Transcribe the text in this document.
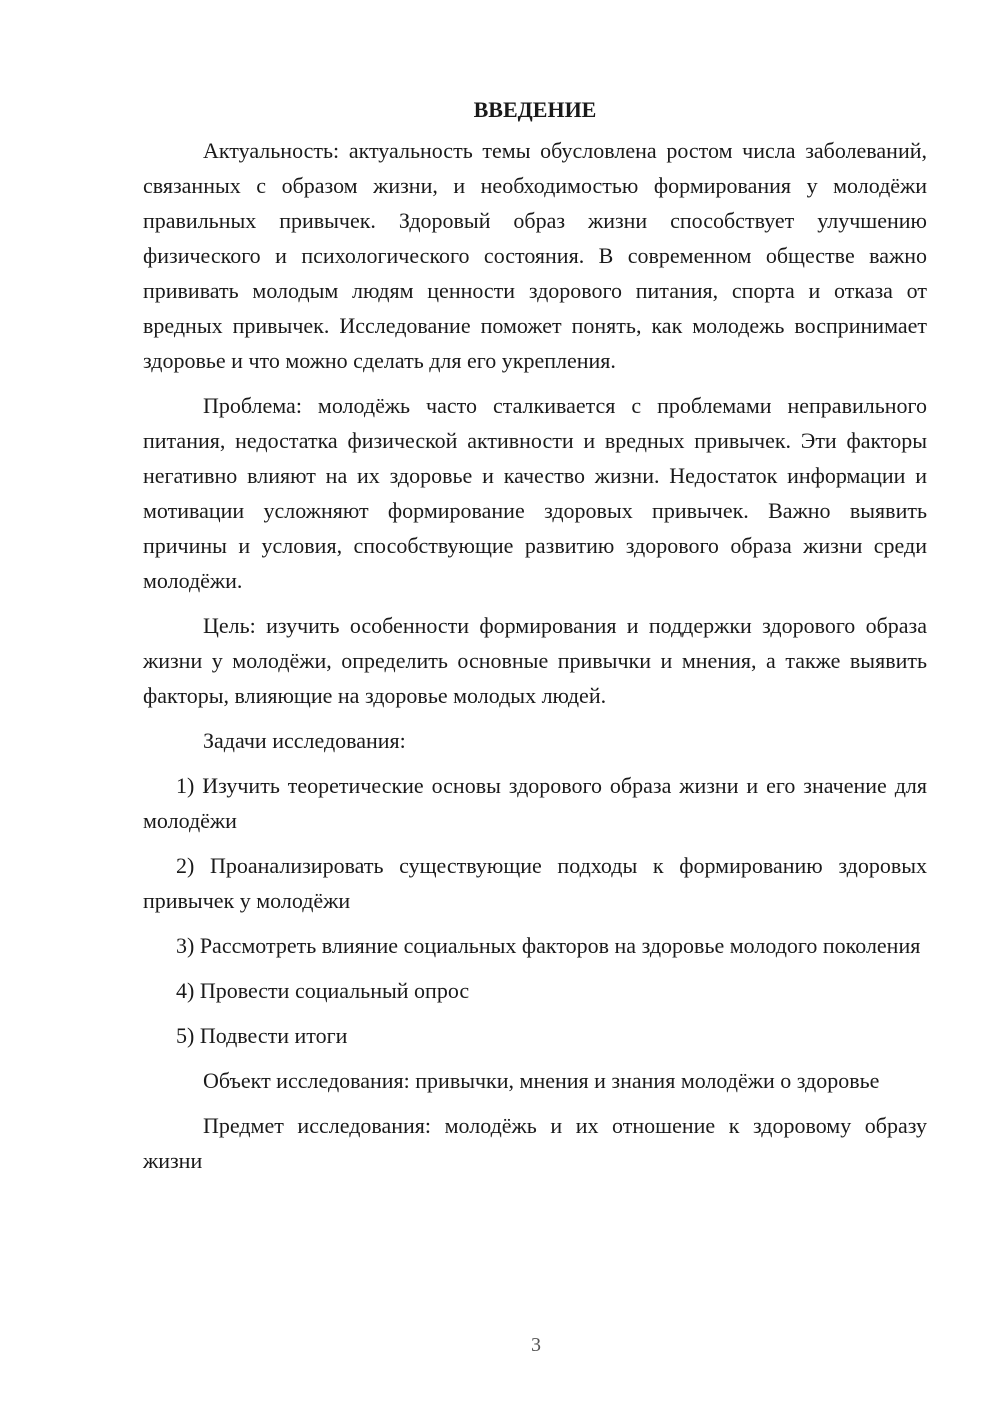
ВВЕДЕНИЕ

Актуальность: актуальность темы обусловлена ростом числа заболеваний, связанных с образом жизни, и необходимостью формирования у молодёжи правильных привычек. Здоровый образ жизни способствует улучшению физического и психологического состояния. В современном обществе важно прививать молодым людям ценности здорового питания, спорта и отказа от вредных привычек. Исследование поможет понять, как молодежь воспринимает здоровье и что можно сделать для его укрепления.

Проблема: молодёжь часто сталкивается с проблемами неправильного питания, недостатка физической активности и вредных привычек. Эти факторы негативно влияют на их здоровье и качество жизни. Недостаток информации и мотивации усложняют формирование здоровых привычек. Важно выявить причины и условия, способствующие развитию здорового образа жизни среди молодёжи.

Цель: изучить особенности формирования и поддержки здорового образа жизни у молодёжи, определить основные привычки и мнения, а также выявить факторы, влияющие на здоровье молодых людей.

Задачи исследования:

1) Изучить теоретические основы здорового образа жизни и его значение для молодёжи

2) Проанализировать существующие подходы к формированию здоровых привычек у молодёжи

3) Рассмотреть влияние социальных факторов на здоровье молодого поколения

4) Провести социальный опрос

5) Подвести итоги

Объект исследования: привычки, мнения и знания молодёжи о здоровье

Предмет исследования: молодёжь и их отношение к здоровому образу жизни

3
